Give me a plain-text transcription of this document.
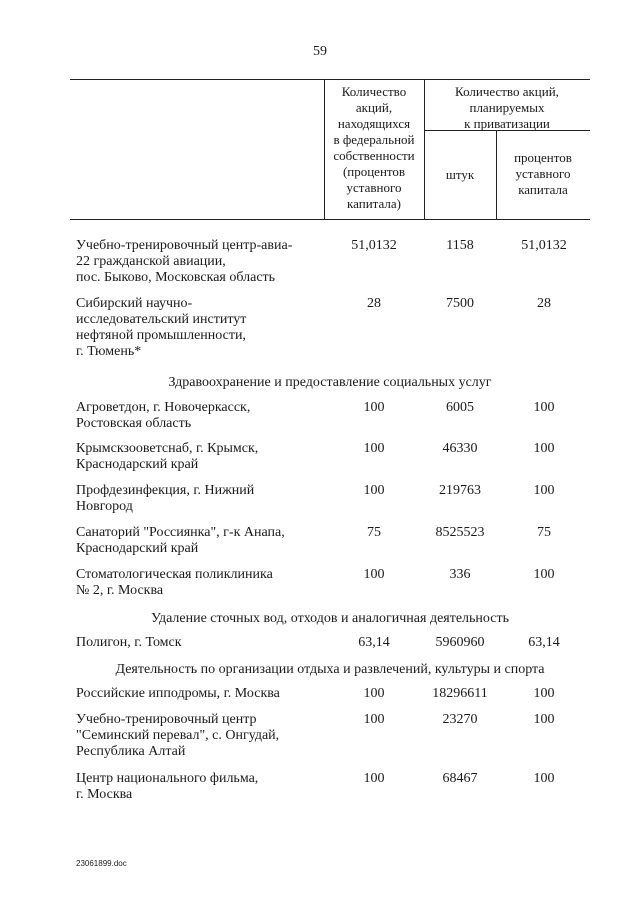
59
Количество
акций,
находящихся
в федеральной
собственности
(процентов
уставного
капитала)
Количество акций,
планируемых
к приватизации
штук
процентов
уставного
капитала
Учебно-тренировочный центр-авиа-
22 гражданской авиации,
пос. Быково, Московская область
51,0132	1158	51,0132
Сибирский научно-
исследовательский институт
нефтяной промышленности,
г. Тюмень*
28	7500	28
Здравоохранение и предоставление социальных услуг
Агроветдон, г. Новочеркасск,
Ростовская область
100	6005	100
Крымскзооветснаб, г. Крымск,
Краснодарский край
100	46330	100
Профдезинфекция, г. Нижний
Новгород
100	219763	100
Санаторий "Россиянка", г-к Анапа,
Краснодарский край
75	8525523	75
Стоматологическая поликлиника
№ 2, г. Москва
100	336	100
Удаление сточных вод, отходов и аналогичная деятельность
Полигон, г. Томск	63,14	5960960	63,14
Деятельность по организации отдыха и развлечений, культуры и спорта
Российские ипподромы, г. Москва	100	18296611	100
Учебно-тренировочный центр
"Семинский перевал", с. Онгудай,
Республика Алтай
100	23270	100
Центр национального фильма,
г. Москва
100	68467	100
23061899.doc
